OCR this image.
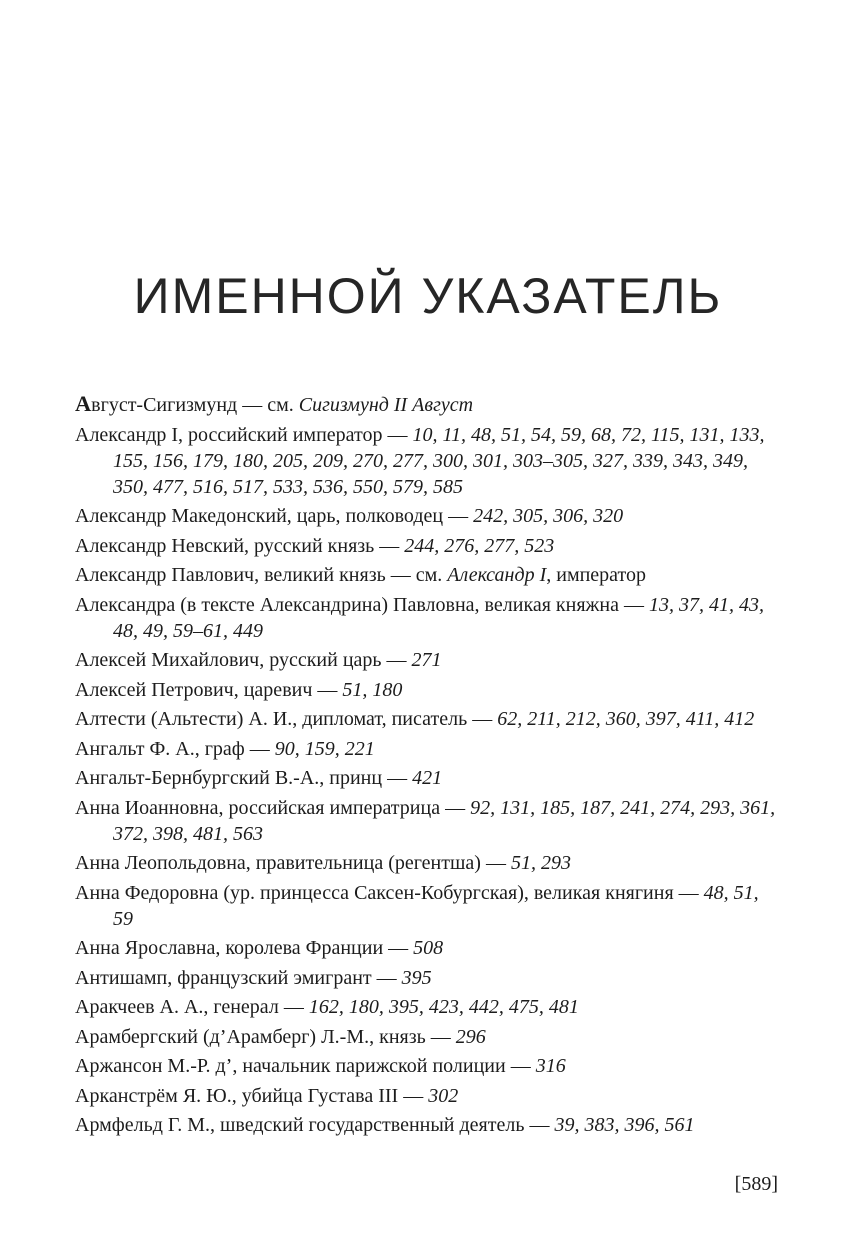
ИМЕННОЙ УКАЗАТЕЛЬ

Август-Сигизмунд — см. Сигизмунд II Август

Александр I, российский император — 10, 11, 48, 51, 54, 59, 68, 72, 115, 131, 133, 155, 156, 179, 180, 205, 209, 270, 277, 300, 301, 303–305, 327, 339, 343, 349, 350, 477, 516, 517, 533, 536, 550, 579, 585

Александр Македонский, царь, полководец — 242, 305, 306, 320

Александр Невский, русский князь — 244, 276, 277, 523

Александр Павлович, великий князь — см. Александр I, император

Александра (в тексте Александрина) Павловна, великая княжна — 13, 37, 41, 43, 48, 49, 59–61, 449

Алексей Михайлович, русский царь — 271

Алексей Петрович, царевич — 51, 180

Алтести (Альтести) А. И., дипломат, писатель — 62, 211, 212, 360, 397, 411, 412

Ангальт Ф. А., граф — 90, 159, 221

Ангальт-Бернбургский В.-А., принц — 421

Анна Иоанновна, российская императрица — 92, 131, 185, 187, 241, 274, 293, 361, 372, 398, 481, 563

Анна Леопольдовна, правительница (регентша) — 51, 293

Анна Федоровна (ур. принцесса Саксен-Кобургская), великая княгиня — 48, 51, 59

Анна Ярославна, королева Франции — 508

Антишамп, французский эмигрант — 395

Аракчеев А. А., генерал — 162, 180, 395, 423, 442, 475, 481

Арамбергский (д’Арамберг) Л.-М., князь — 296

Аржансон М.-Р. д’, начальник парижской полиции — 316

Арканстрём Я. Ю., убийца Густава III — 302

Армфельд Г. М., шведский государственный деятель — 39, 383, 396, 561

[589]
